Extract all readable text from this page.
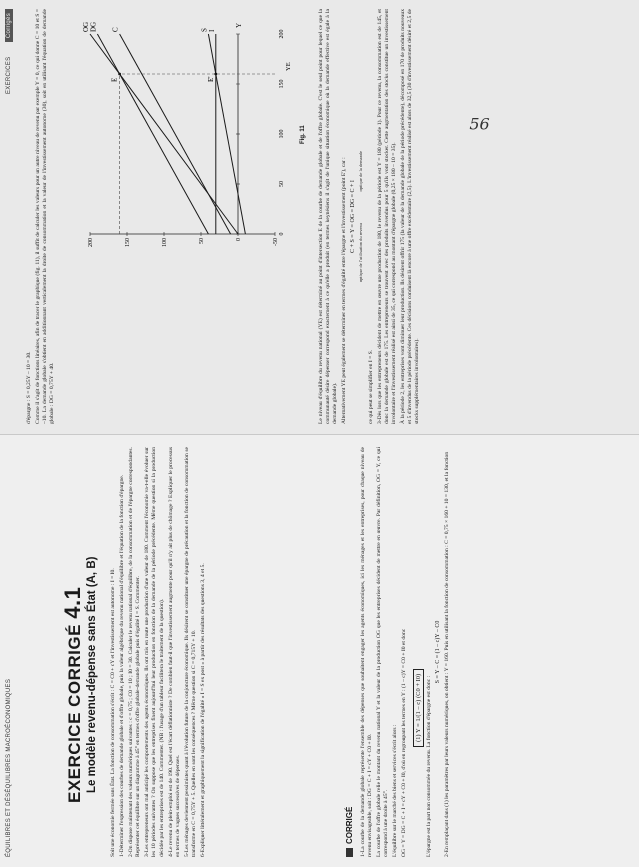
ÉQUILIBRES ET DÉSÉQUILIBRES MACROÉCONOMIQUES	EXERCICE CORRIGÉ 4.1 Le modèle revenu-dépense sans État (A, B) Soit une économie fermée sans État. La fonction de consommation s'écrit : C = C0 + cY et l'investissement est autonome : I = I0. 1-Déterminer l'expression des courbes de demande globale et d'offre globale, puis la valeur algébrique du revenu national d'équilibre et l'équation de la fonction d'épargne. 2-On dispose maintenant des valeurs numériques suivantes : c = 0,75 ; C0 = 10 ; I0 = 30. Calculer le revenu national d'équilibre, de la consommation et de l'épargne correspondantes. Représenter cet équilibre sur un diagramme à 45° en termes d'offre globale-demande globale puis d'égalité I = S. Commenter. 3-Les entrepreneurs ont mal anticipé les comportements des agents économiques. Ils ont mis en route une production d'une valeur de 180. Comment l'économie va-t-elle évoluer sur les 10 périodes suivantes ? On suppose que les entreprises fixent aujourd'hui leur production en fonction de la demande de la période précédente. Même question si la production décidée par les entreprises est de 140. Commenter. (NB : l'usage d'un tableur facilitera le traitement de la question). 4-Le revenu de plein-emploi est de 190. Quel est l'écart déflationniste ? De combien faut-il que l'investissement augmente pour qu'il n'y ait plus de chômage ? Expliquer le processus en termes de vagues successives de dépenses. 5-Les ménages deviennent pessimistes quant à l'évolution future de la conjoncture économique. Ils désirent se constituer une épargne de précaution et la fonction de consommation se transforme en C = 0,75Y + 5. Quelles en sont les conséquences ? Même question si C = 0,715Y + 10. 6-Expliquer littéralement et graphiquement la signification de l'égalité « I = S ex post » à partir des résultats des questions 3, 4 et 5.	CORRIGÉ 1-La courbe de la demande globale représente l'ensemble des dépenses que souhaitent engager les agents économiques, ici les ménages et les entreprises, pour chaque niveau de revenu envisageable, soit : DG = C + I = cY + C0 + I0. La courbe de l'offre globale relie le montant du revenu national Y et la valeur de la production OG que les entreprises décident de mettre en œuvre. Par définition, OG = Y, ce qui correspond à une droite à 45°. L'équilibre sur le marché des biens et services s'écrit alors : OG = Y = DG = C + I = cY + C0 + I0, d'où en regroupant les termes en Y : (1 – c)Y = C0 + I0 et donc (1) Y = 1/(1 – c) (C0 + I0) L'épargne est la part non consommée du revenu. La fonction d'épargne est donc :

S = Y – C = (1 – c)Y – C0 2-En remplaçant dans (1) les paramètres par leurs valeurs numériques, on obtient : Y = 160. Puis en utilisant la fonction de consommation : C = 0,75 × 160 + 10 = 130, et la fonction

EXERCICES
Corrigés

d'épargne : S = 0,25Y – 10 = 30. Comme il s'agit de fonctions linéaires, afin de tracer le graphique (fig. 11), il suffit de calculer les valeurs pour un autre niveau de revenu par exemple Y = 0, ce qui donne C = 10 et S = –10. La demande globale s'obtient en additionnant verticalement la droite de consommation et la valeur de l'investissement autonome (30), soit en utilisant l'équation de demande globale : DG = 0,75Y + 40.

-50
0
50
100
150
200
50
100
150
200
0
Y
OG DG C	S I
E	E'
YE
Fig. 11 Le niveau d'équilibre du revenu national (YE) est déterminé au point d'intersection E de la courbe de demande globale et de l'offre globale. C'est le seul point pour lequel ce que la communauté désire dépenser correspond exactement à ce qu'elle a produit (en termes keynésiens il s'agit de l'unique situation économique où la demande effective est égale à la demande globale). Alternativement YE peut également se déterminer en termes d'égalité entre l'épargne et l'investissement (point E'), car : C + S = Y = OG = DG = C + I optique de l'utilisation du revenu optique de la demande

ce qui peut se simplifier en I = S. 3-Dès lors que les entrepreneurs décident de mettre en œuvre une production de 180, le revenu de la période est Y = 180 (période 1). Pour ce revenu, la consommation est de 145, et donc la demande globale est de 175. Les entrepreneurs se trouvent avec des produits invendus pour 5 qu'ils vont stocker. Cette augmentation des stocks constitue un investissement involontaire et l'investissement réalisé est ainsi de 35, ce qui correspond au montant d'épargne globale (0,25 × 180 – 10 = 35). À la période 2, les entreprises vont diminuer leur production. Ils désirent offrir 175 (la valeur de la demande globale de la période précédente), décomposé en 170 de produits nouveaux et 5 d'invendus de la période précédente. Ces décisions conduisent là encore à une offre excédentaire (2,5). L'investissement réalisé est alors de 32,5 (30 d'investissement désiré et 2,5 de stocks supplémentaires involontaires).

56
